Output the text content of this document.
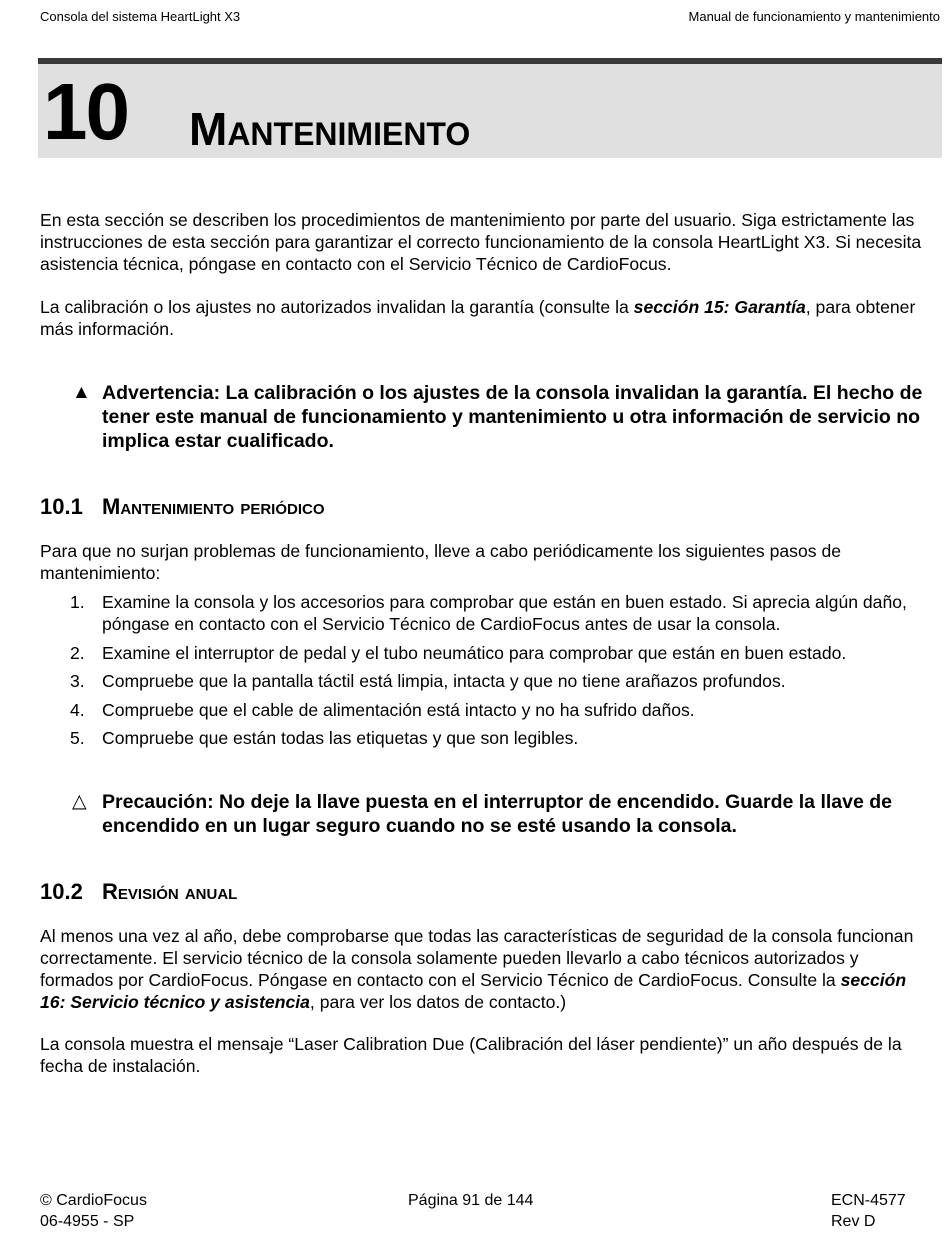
Consola del sistema HeartLight X3	Manual de funcionamiento y mantenimiento
10 Mantenimiento

En esta sección se describen los procedimientos de mantenimiento por parte del usuario. Siga estrictamente las instrucciones de esta sección para garantizar el correcto funcionamiento de la consola HeartLight X3. Si necesita asistencia técnica, póngase en contacto con el Servicio Técnico de CardioFocus.

La calibración o los ajustes no autorizados invalidan la garantía (consulte la sección 15: Garantía, para obtener más información.

▲ Advertencia: La calibración o los ajustes de la consola invalidan la garantía. El hecho de tener este manual de funcionamiento y mantenimiento u otra información de servicio no implica estar cualificado.
10.1 Mantenimiento periódico

Para que no surjan problemas de funcionamiento, lleve a cabo periódicamente los siguientes pasos de mantenimiento:

1. Examine la consola y los accesorios para comprobar que están en buen estado. Si aprecia algún daño, póngase en contacto con el Servicio Técnico de CardioFocus antes de usar la consola.
2. Examine el interruptor de pedal y el tubo neumático para comprobar que están en buen estado.
3. Compruebe que la pantalla táctil está limpia, intacta y que no tiene arañazos profundos.
4. Compruebe que el cable de alimentación está intacto y no ha sufrido daños.
5. Compruebe que están todas las etiquetas y que son legibles.
△ Precaución: No deje la llave puesta en el interruptor de encendido. Guarde la llave de encendido en un lugar seguro cuando no se esté usando la consola.
10.2 Revisión anual

Al menos una vez al año, debe comprobarse que todas las características de seguridad de la consola funcionan correctamente. El servicio técnico de la consola solamente pueden llevarlo a cabo técnicos autorizados y formados por CardioFocus. Póngase en contacto con el Servicio Técnico de CardioFocus. Consulte la sección 16: Servicio técnico y asistencia, para ver los datos de contacto.)

La consola muestra el mensaje “Laser Calibration Due (Calibración del láser pendiente)” un año después de la fecha de instalación.

© CardioFocus
06-4955 - SP
Página 91 de 144	ECN-4577
Rev D
